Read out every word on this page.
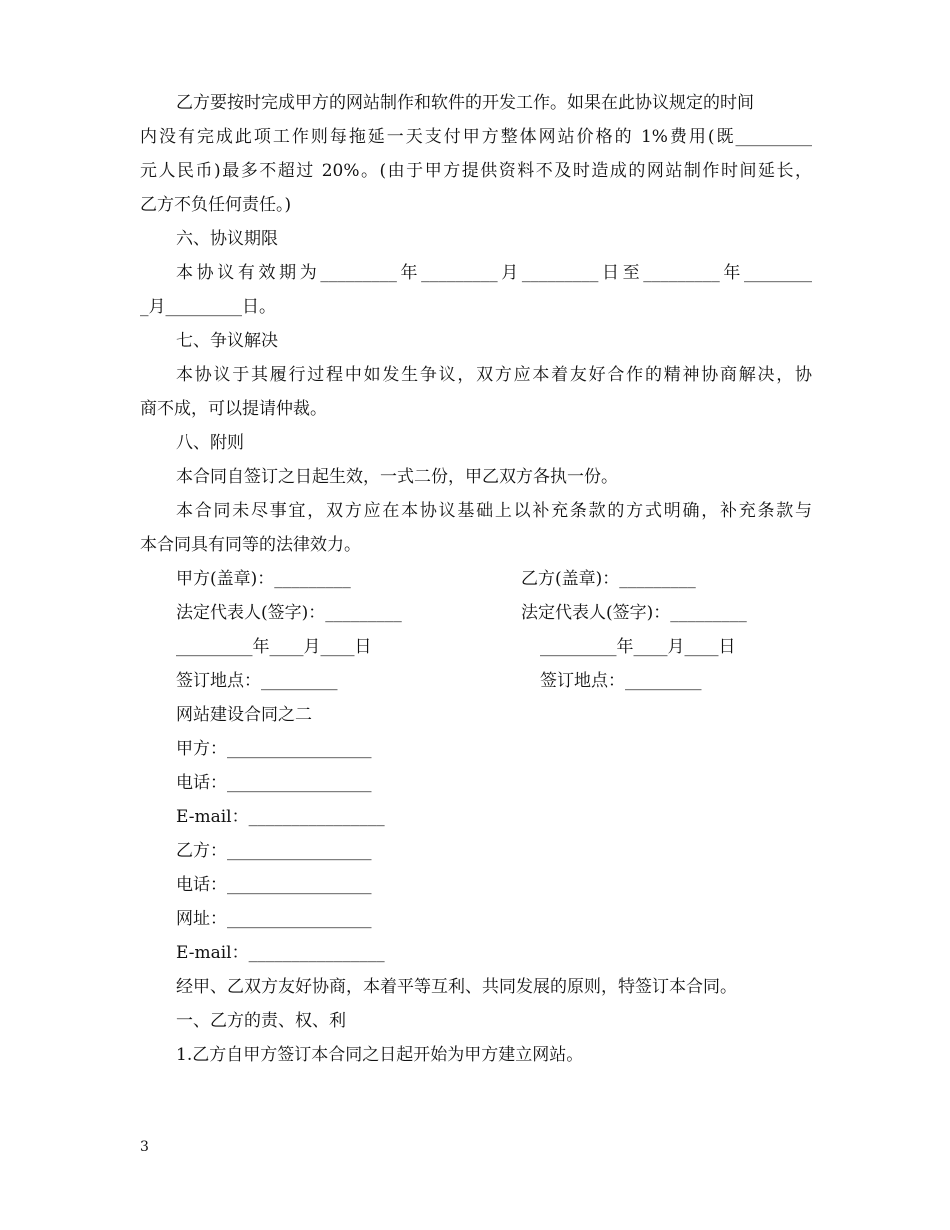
乙方要按时完成甲方的网站制作和软件的开发工作。如果在此协议规定的时间
内没有完成此项工作则每拖延一天支付甲方整体网站价格的 1%费用(既_________
元人民币)最多不超过 20%。(由于甲方提供资料不及时造成的网站制作时间延长，
乙方不负任何责任。)
六、协议期限
本协议有效期为_________年_________月_________日至_________年________
_月_________日。
七、争议解决
本协议于其履行过程中如发生争议，双方应本着友好合作的精神协商解决，协
商不成，可以提请仲裁。
八、附则
本合同自签订之日起生效，一式二份，甲乙双方各执一份。
本合同未尽事宜，双方应在本协议基础上以补充条款的方式明确，补充条款与
本合同具有同等的法律效力。
甲方(盖章)：_________	乙方(盖章)：_________
法定代表人(签字)：_________	法定代表人(签字)：_________
_________年____月____日	_________年____月____日
签订地点：_________	签订地点：_________
网站建设合同之二
甲方：_________________
电话：_________________
E-mail：________________
乙方：_________________
电话：_________________
网址：_________________
E-mail：________________
经甲、乙双方友好协商，本着平等互利、共同发展的原则，特签订本合同。
一、乙方的责、权、利
1.乙方自甲方签订本合同之日起开始为甲方建立网站。
3
